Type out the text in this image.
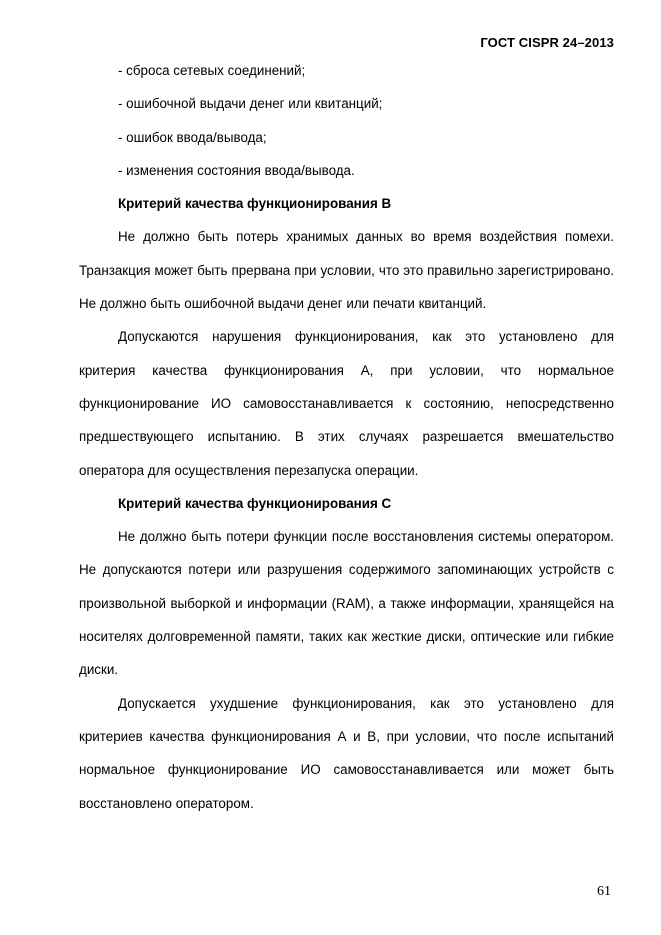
ГОСТ CISPR 24–2013

- сброса сетевых соединений;

- ошибочной выдачи денег или квитанций;

- ошибок ввода/вывода;

- изменения состояния ввода/вывода.

Критерий качества функционирования B

Не должно быть потерь хранимых данных во время воздействия помехи. Транзакция может быть прервана при условии, что это правильно зарегистрировано. Не должно быть ошибочной выдачи денег или печати квитанций.

Допускаются нарушения функционирования, как это установлено для критерия качества функционирования А, при условии, что нормальное функционирование ИО самовосстанавливается к состоянию, непосредственно предшествующего испытанию. В этих случаях разрешается вмешательство оператора для осуществления перезапуска операции.

Критерий качества функционирования C

Не должно быть потери функции после восстановления системы оператором. Не допускаются потери или разрушения содержимого запоминающих устройств с произвольной выборкой и информации (RAM), а также информации, хранящейся на носителях долговременной памяти, таких как жесткие диски, оптические или гибкие диски.

Допускается ухудшение функционирования, как это установлено для критериев качества функционирования А и В, при условии, что после испытаний нормальное функционирование ИО самовосстанавливается или может быть восстановлено оператором.

61
